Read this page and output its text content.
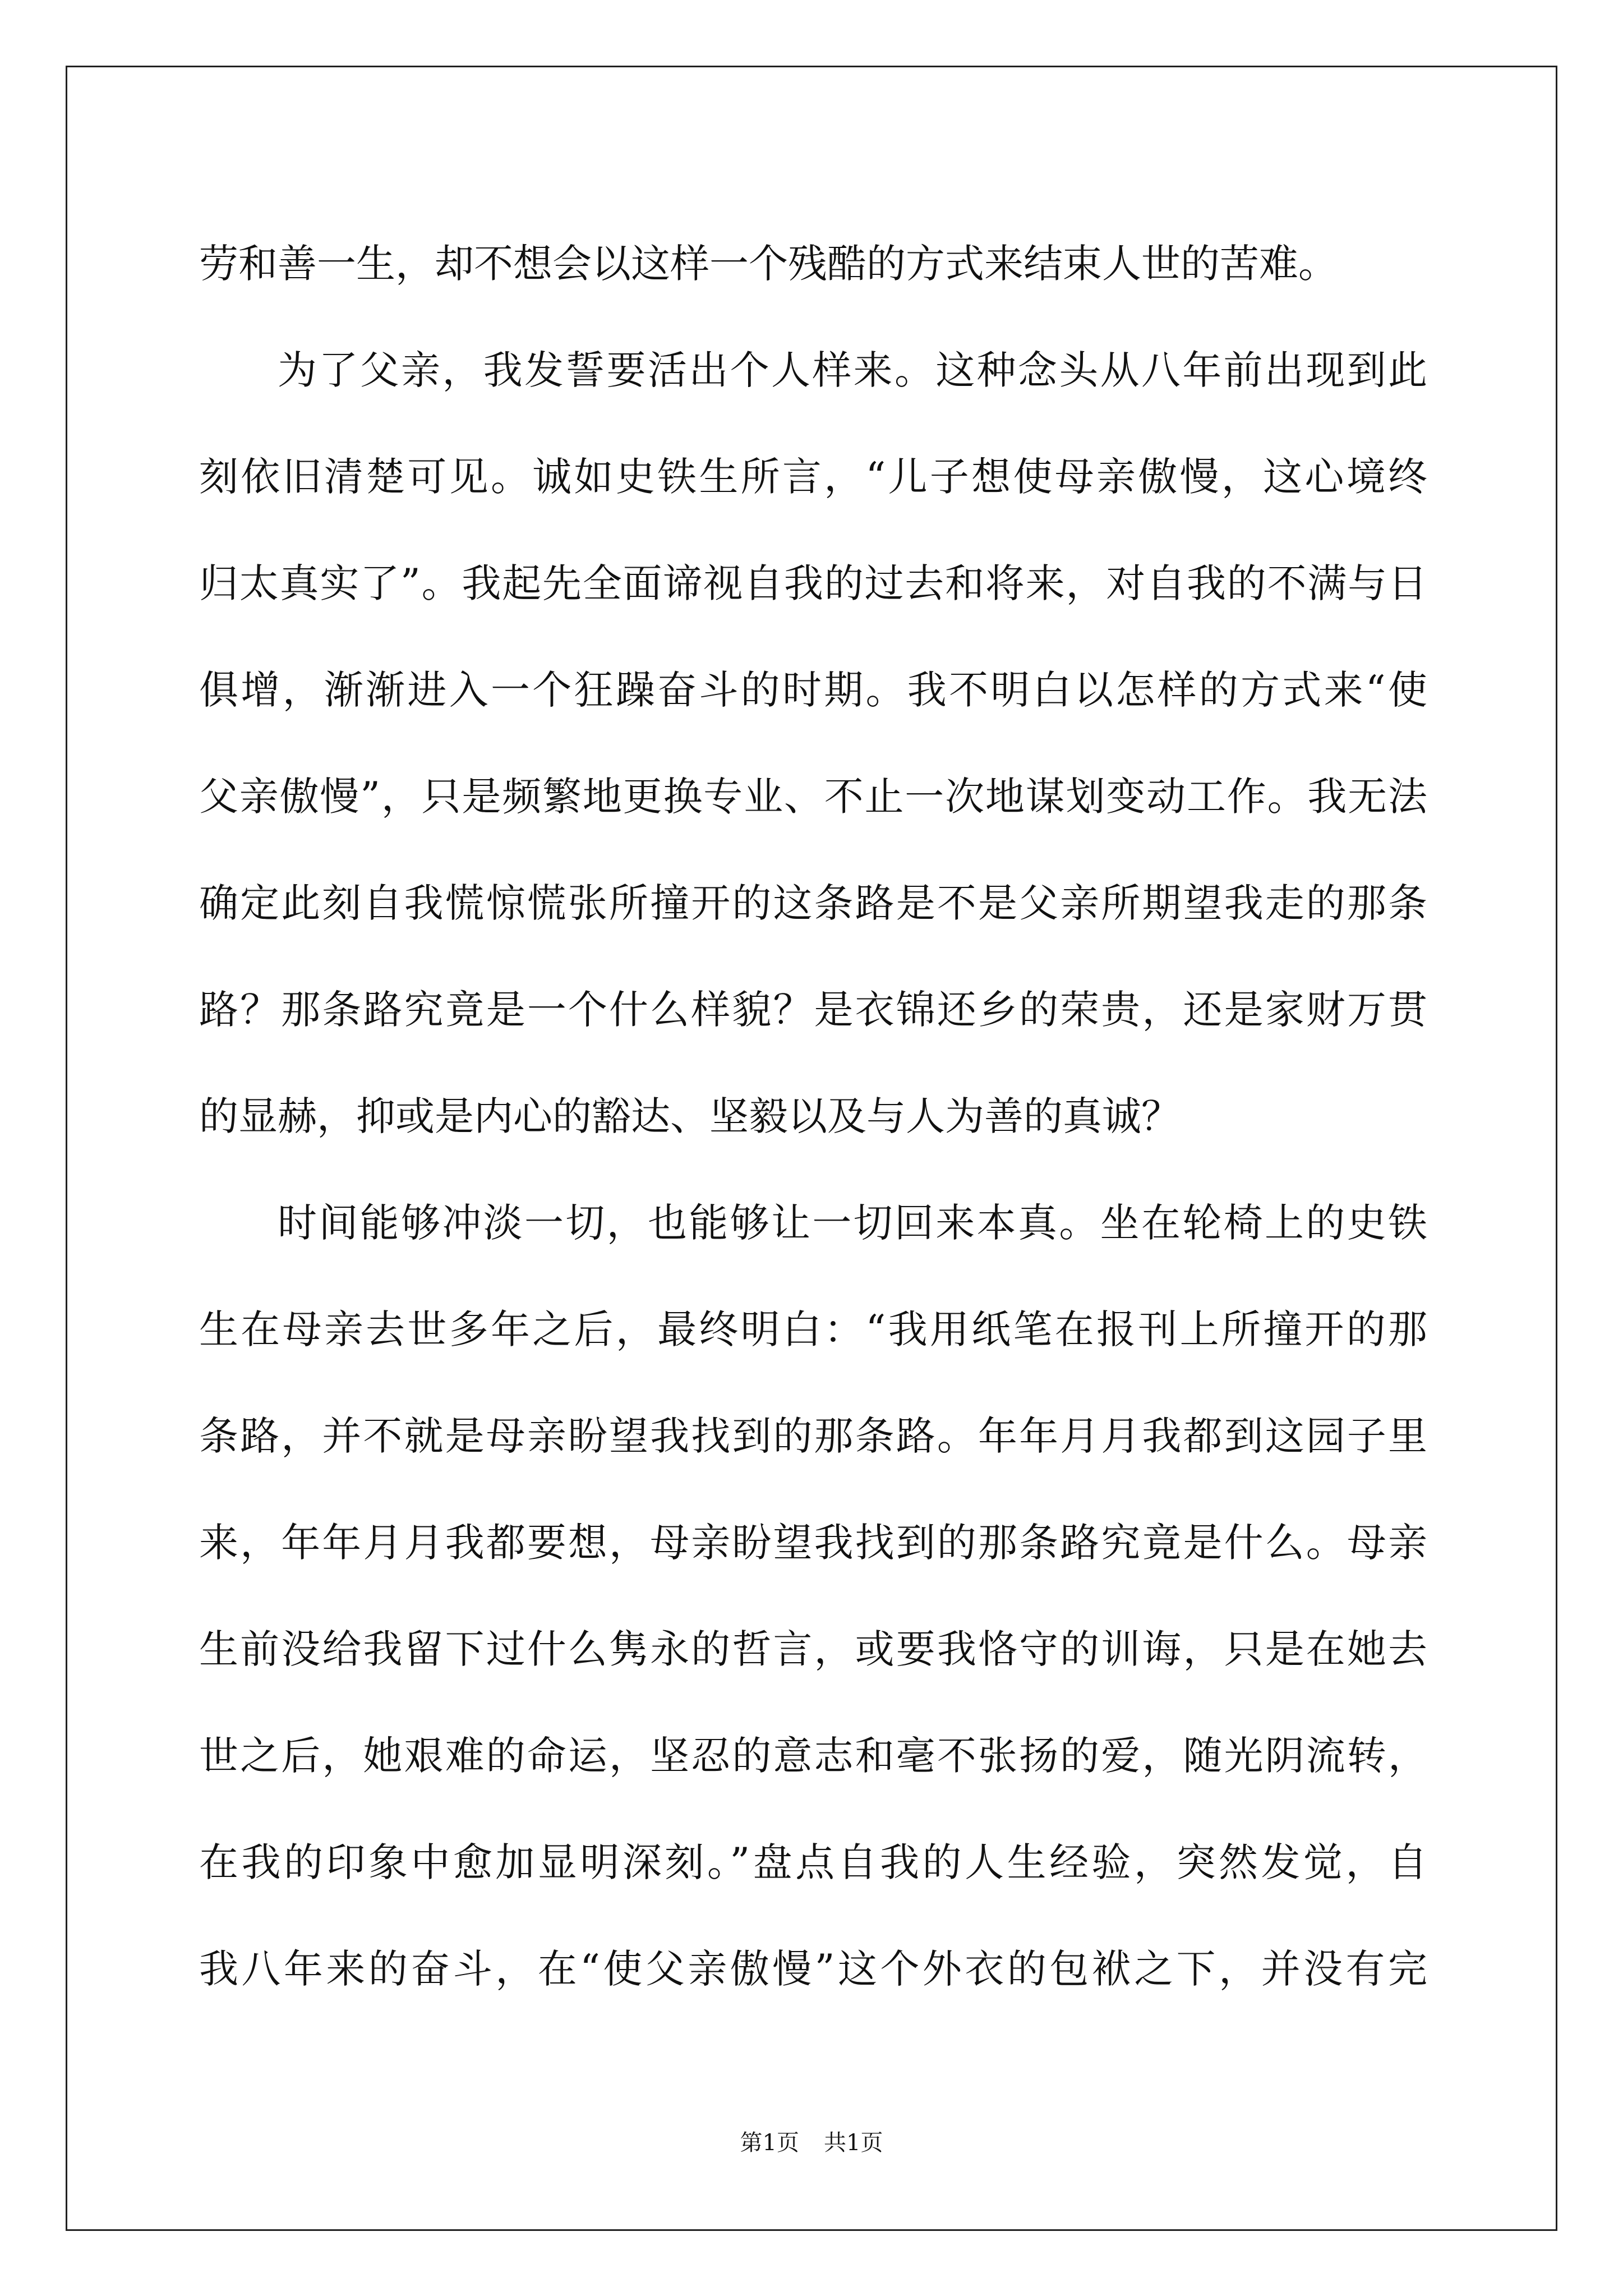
劳和善一生，却不想会以这样一个残酷的方式来结束人世的苦难。
为了父亲，我发誓要活出个人样来。这种念头从八年前出现到此
刻依旧清楚可见。诚如史铁生所言，“儿子想使母亲傲慢，这心境终
归太真实了”。我起先全面谛视自我的过去和将来，对自我的不满与日
俱增，渐渐进入一个狂躁奋斗的时期。我不明白以怎样的方式来“使
父亲傲慢”，只是频繁地更换专业、不止一次地谋划变动工作。我无法
确定此刻自我慌惊慌张所撞开的这条路是不是父亲所期望我走的那条
路？那条路究竟是一个什么样貌？是衣锦还乡的荣贵，还是家财万贯
的显赫，抑或是内心的豁达、坚毅以及与人为善的真诚？
时间能够冲淡一切，也能够让一切回来本真。坐在轮椅上的史铁
生在母亲去世多年之后，最终明白：“我用纸笔在报刊上所撞开的那
条路，并不就是母亲盼望我找到的那条路。年年月月我都到这园子里
来，年年月月我都要想，母亲盼望我找到的那条路究竟是什么。母亲
生前没给我留下过什么隽永的哲言，或要我恪守的训诲，只是在她去
世之后，她艰难的命运，坚忍的意志和毫不张扬的爱，随光阴流转，
在我的印象中愈加显明深刻。”盘点自我的人生经验，突然发觉，自
我八年来的奋斗，在“使父亲傲慢”这个外衣的包袱之下，并没有完
第1页 共1页
